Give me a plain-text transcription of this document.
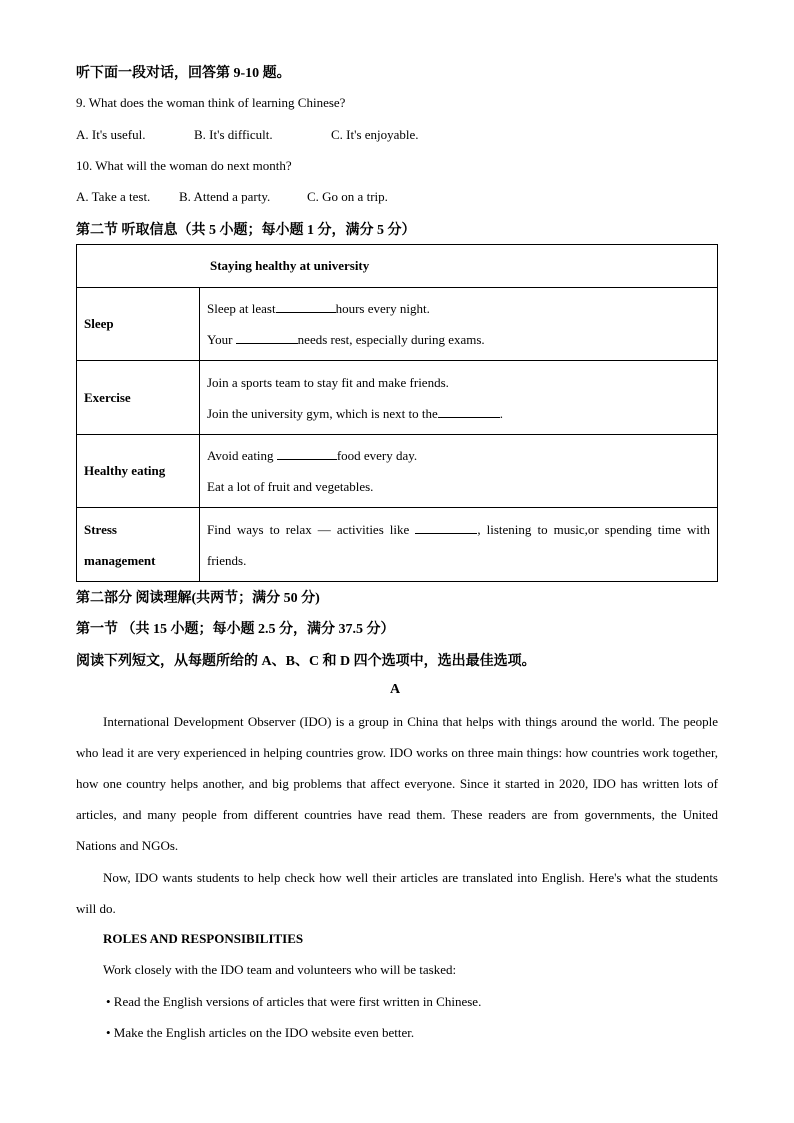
听下面一段对话，回答第 9-10 题。
9. What does the woman think of learning Chinese?
A. It's useful.	B. It's difficult.	C. It's enjoyable.
10. What will the woman do next month?
A. Take a test. B. Attend a party.	C. Go on a trip.
第二节 听取信息（共 5 小题；每小题 1 分，满分 5 分）
Staying healthy at university	
Sleep	Sleep at least hours every night.
Your needs rest, especially during exams.

Exercise	Join a sports team to stay fit and make friends.
Join the university gym, which is next to the .

Healthy eating	Avoid eating food every day.
Eat a lot of fruit and vegetables.

Stress
management	Find ways to relax — activities like , listening to music,or spending time with friends.
第二部分 阅读理解(共两节；满分 50 分)
第一节 （共 15 小题；每小题 2.5 分，满分 37.5 分）
阅读下列短文，从每题所给的 A、B、C 和 D 四个选项中，选出最佳选项。
A
International Development Observer (IDO) is a group in China that helps with things around the world. The people who lead it are very experienced in helping countries grow. IDO works on three main things: how countries work together, how one country helps another, and big problems that affect everyone. Since it started in 2020, IDO has written lots of articles, and many people from different countries have read them. These readers are from governments, the United Nations and NGOs.
Now, IDO wants students to help check how well their articles are translated into English. Here's what the students will do.
ROLES AND RESPONSIBILITIES
Work closely with the IDO team and volunteers who will be tasked:
• Read the English versions of articles that were first written in Chinese.
• Make the English articles on the IDO website even better.
